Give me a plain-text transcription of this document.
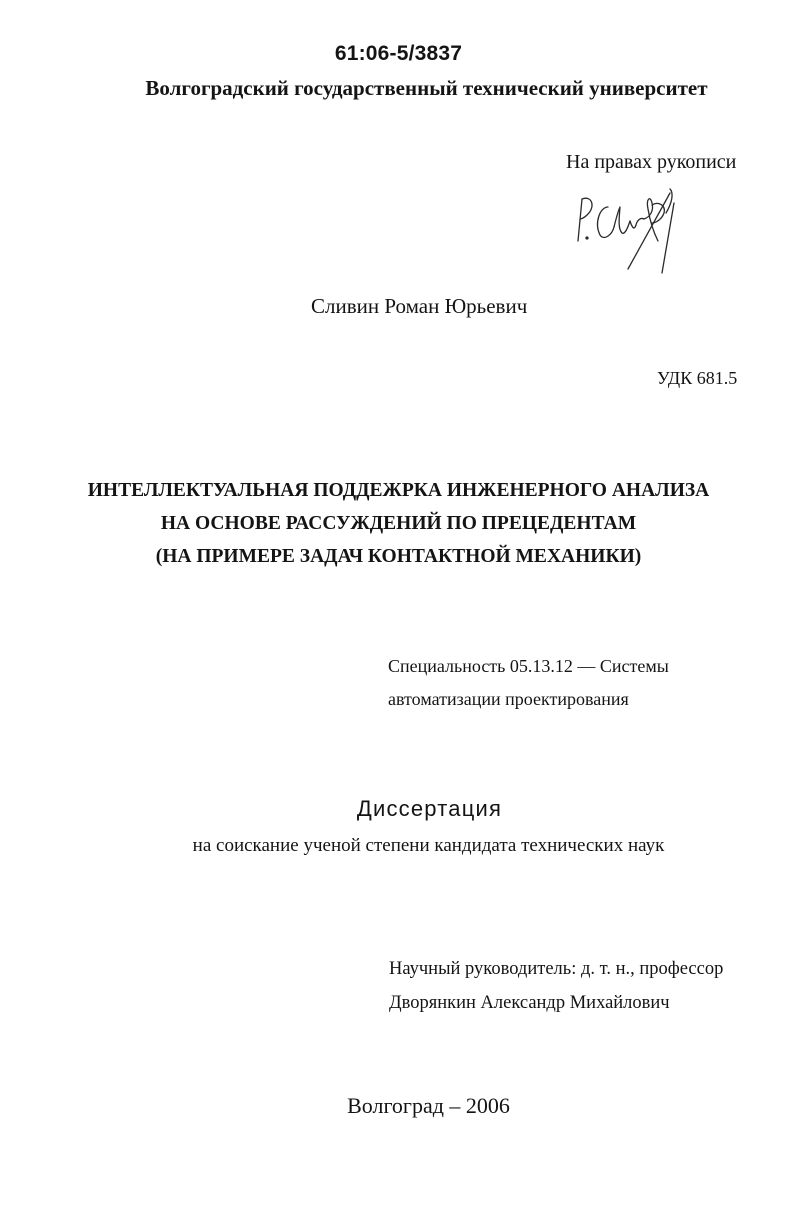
61:06-5/3837
Волгоградский государственный технический университет
На правах рукописи
Сливин Роман Юрьевич
УДК 681.5
ИНТЕЛЛЕКТУАЛЬНАЯ ПОДДЕЖРКА ИНЖЕНЕРНОГО АНАЛИЗА
НА ОСНОВЕ РАССУЖДЕНИЙ ПО ПРЕЦЕДЕНТАМ
(НА ПРИМЕРЕ ЗАДАЧ КОНТАКТНОЙ МЕХАНИКИ)
Специальность 05.13.12 — Системы
автоматизации проектирования
Диссертация
на соискание ученой степени кандидата технических наук
Научный руководитель: д. т. н., профессор
Дворянкин Александр Михайлович
Волгоград – 2006
